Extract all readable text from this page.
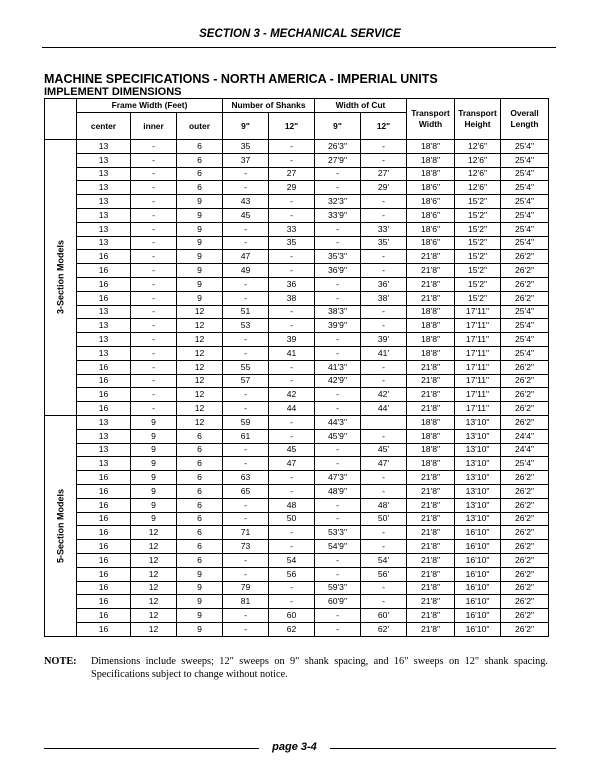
SECTION 3 - MECHANICAL SERVICE
MACHINE SPECIFICATIONS - NORTH AMERICA - IMPERIAL UNITS
IMPLEMENT DIMENSIONS
	Frame Width (Feet)			Number of Shanks		Width of Cut		Transport Width	Transport Height	Overall Length
	center	inner	outer	9"	12"	9"	12"			

3-Section Models	13	-	6	35	-	26'3"	-	18'8"	12'6"	25'4"
	13	-	6	37	-	27'9"	-	18'8"	12'6"	25'4"
	13	-	6	-	27	-	27'	18'8"	12'6"	25'4"
	13	-	6	-	29	-	29'	18'6"	12'6"	25'4"
	13	-	9	43	-	32'3"	-	18'6"	15'2"	25'4"
	13	-	9	45	-	33'9"	-	18'6"	15'2"	25'4"
	13	-	9	-	33	-	33'	18'6"	15'2"	25'4"
	13	-	9	-	35	-	35'	18'6"	15'2"	25'4"
	16	-	9	47	-	35'3"	-	21'8"	15'2"	26'2"
	16	-	9	49	-	36'9"	-	21'8"	15'2"	26'2"
	16	-	9	-	36	-	36'	21'8"	15'2"	26'2"
	16	-	9	-	38	-	38'	21'8"	15'2"	26'2"
	13	-	12	51	-	38'3"	-	18'8"	17'11"	25'4"
	13	-	12	53	-	39'9"	-	18'8"	17'11"	25'4"
	13	-	12	-	39	-	39'	18'8"	17'11"	25'4"
	13	-	12	-	41	-	41'	18'8"	17'11"	25'4"
	16	-	12	55	-	41'3"	-	21'8"	17'11"	26'2"
	16	-	12	57	-	42'9"	-	21'8"	17'11"	26'2"
	16	-	12	-	42	-	42'	21'8"	17'11"	26'2"
	16	-	12	-	44	-	44'	21'8"	17'11"	26'2"

5-Section Models	13	9	12	59	-	44'3"		18'8"	13'10"	26'2"
	13	9	6	61	-	45'9"	-	18'8"	13'10"	24'4"
	13	9	6	-	45	-	45'	18'8"	13'10"	24'4"
	13	9	6	-	47	-	47'	18'8"	13'10"	25'4"
	16	9	6	63	-	47'3"	-	21'8"	13'10"	26'2"
	16	9	6	65	-	48'9"	-	21'8"	13'10"	26'2"
	16	9	6	-	48	-	48'	21'8"	13'10"	26'2"
	16	9	6	-	50	-	50'	21'8"	13'10"	26'2"
	16	12	6	71	-	53'3"	-	21'8"	16'10"	26'2"
	16	12	6	73	-	54'9"	-	21'8"	16'10"	26'2"
	16	12	6	-	54	-	54'	21'8"	16'10"	26'2"
	16	12	9	-	56	-	56'	21'8"	16'10"	26'2"
	16	12	9	79	-	59'3"	-	21'8"	16'10"	26'2"
	16	12	9	81	-	60'9"	-	21'8"	16'10"	26'2"
	16	12	9	-	60	-	60'	21'8"	16'10"	26'2"
	16	12	9	-	62	-	62'	21'8"	16'10"	26'2"
NOTE: Dimensions include sweeps; 12" sweeps on 9" shank spacing, and 16" sweeps on 12" shank spacing. Specifications subject to change without notice.
page 3-4
